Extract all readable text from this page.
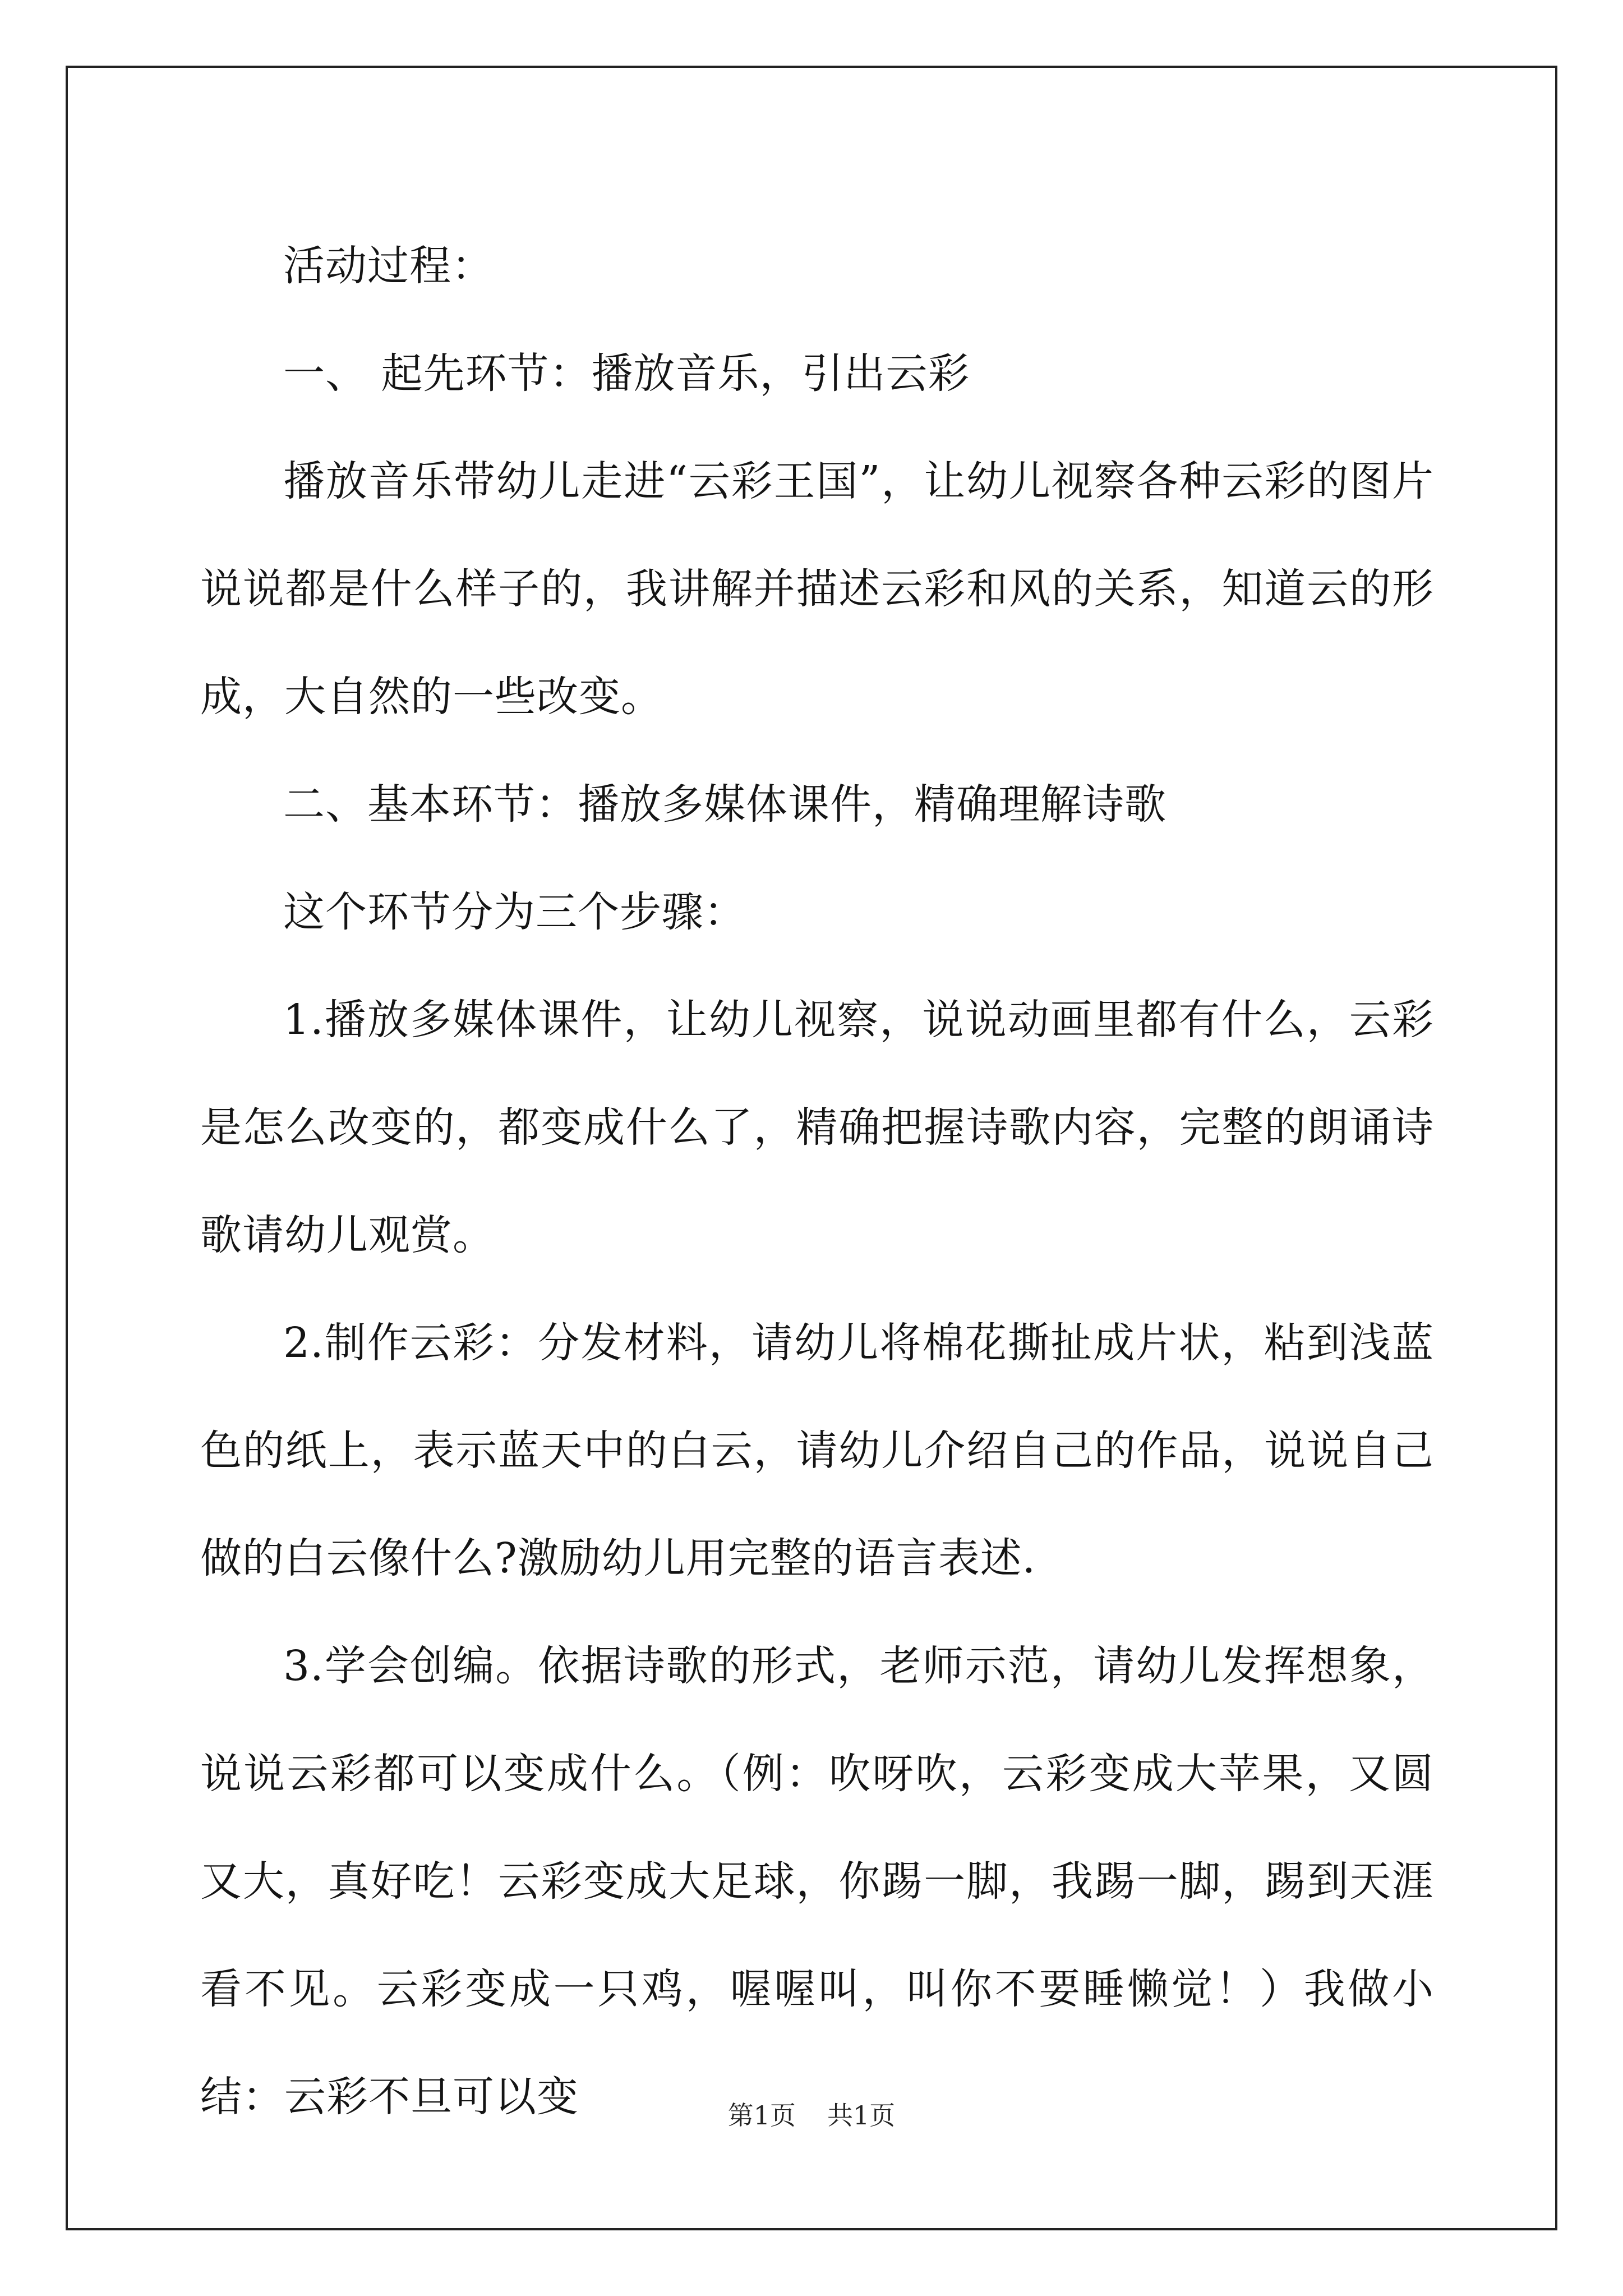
活动过程：

一、 起先环节：播放音乐，引出云彩

播放音乐带幼儿走进“云彩王国”，让幼儿视察各种云彩的图片说说都是什么样子的，我讲解并描述云彩和风的关系，知道云的形成，大自然的一些改变。

二、基本环节：播放多媒体课件，精确理解诗歌

这个环节分为三个步骤：

1.播放多媒体课件，让幼儿视察，说说动画里都有什么，云彩是怎么改变的，都变成什么了，精确把握诗歌内容，完整的朗诵诗歌请幼儿观赏。

2.制作云彩：分发材料，请幼儿将棉花撕扯成片状，粘到浅蓝色的纸上，表示蓝天中的白云，请幼儿介绍自己的作品，说说自己做的白云像什么?激励幼儿用完整的语言表述.

3.学会创编。依据诗歌的形式，老师示范，请幼儿发挥想象，说说云彩都可以变成什么。（例：吹呀吹，云彩变成大苹果，又圆又大，真好吃！云彩变成大足球，你踢一脚，我踢一脚，踢到天涯看不见。云彩变成一只鸡，喔喔叫，叫你不要睡懒觉！）我做小结：云彩不旦可以变	第1页 共1页
